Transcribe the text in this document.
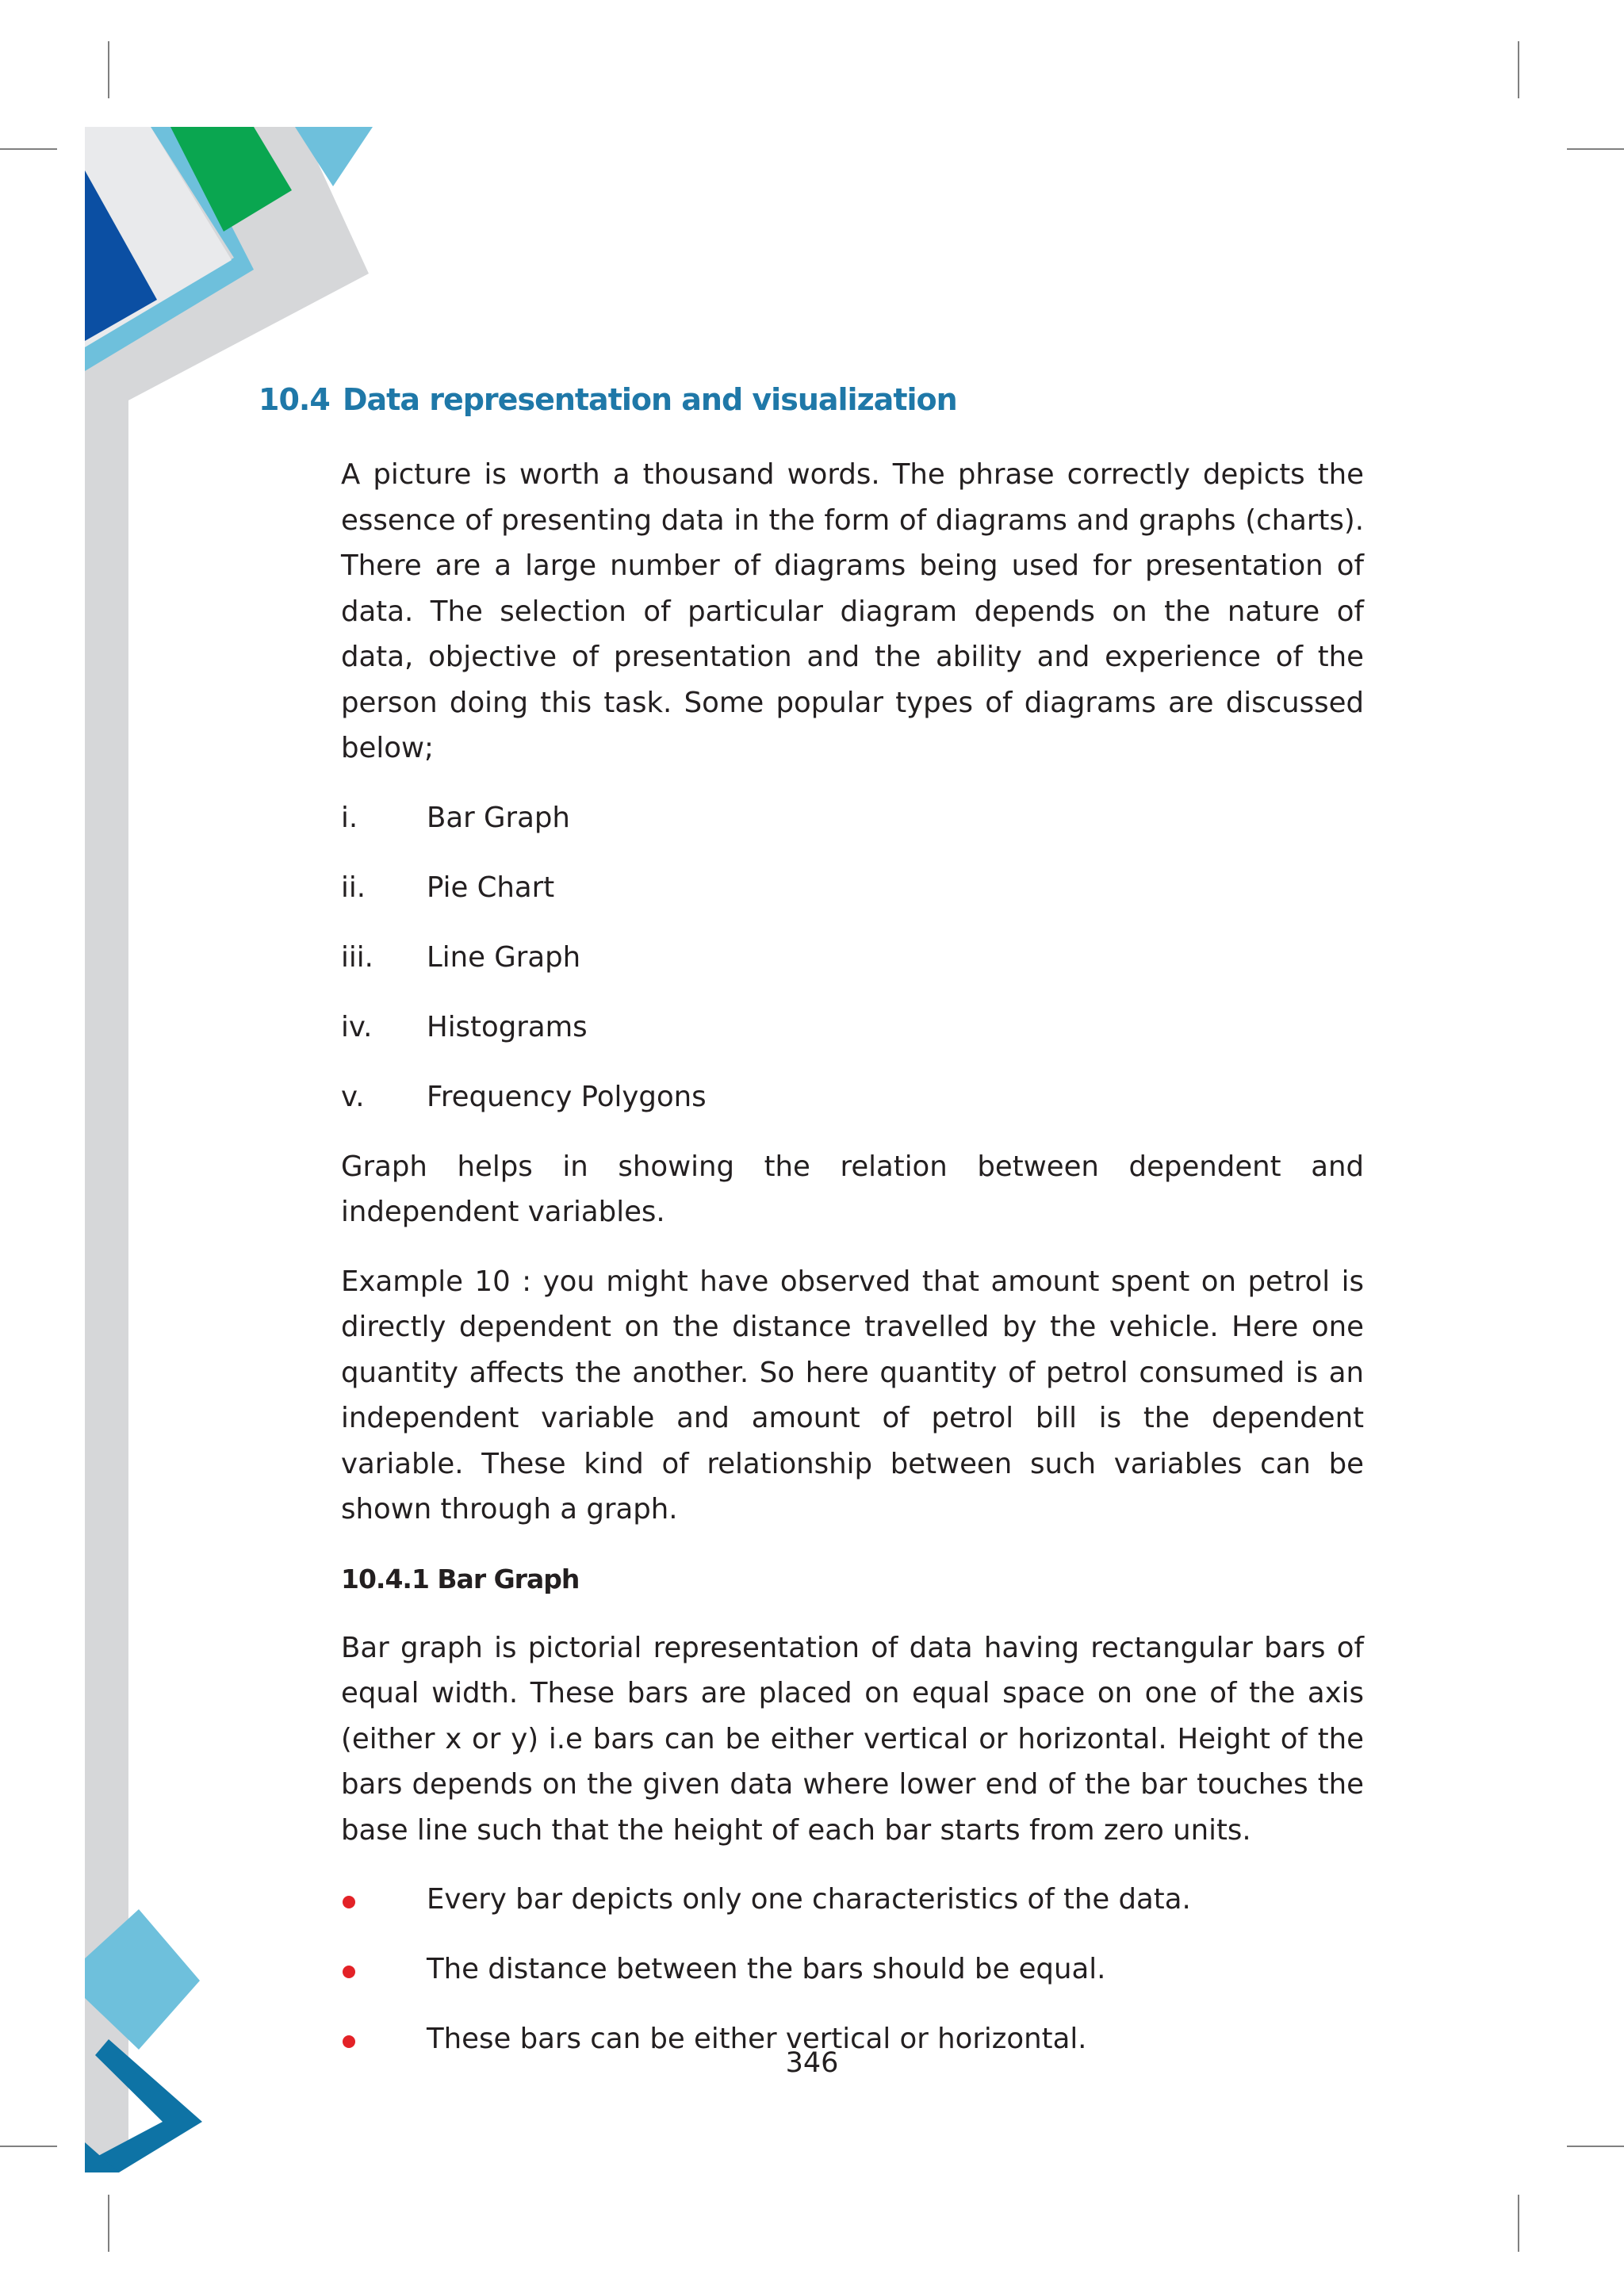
10.4 Data representation and visualization

A picture is worth a thousand words. The phrase correctly depicts the essence of presenting data in the form of diagrams and graphs (charts). There are a large number of diagrams being used for presentation of data. The selection of particular diagram depends on the nature of data, objective of presentation and the ability and experience of the person doing this task. Some popular types of diagrams are discussed below;

i.	Bar Graph
ii.	Pie Chart
iii.	Line Graph
iv.	Histograms
v.	Frequency Polygons

Graph helps in showing the relation between dependent and independent variables.

Example 10 : you might have observed that amount spent on petrol is directly dependent on the distance travelled by the vehicle. Here one quantity affects the another. So here quantity of petrol consumed is an independent variable and amount of petrol bill is the dependent variable. These kind of relationship between such variables can be shown through a graph.

10.4.1 Bar Graph

Bar graph is pictorial representation of data having rectangular bars of equal width. These bars are placed on equal space on one of the axis (either x or y) i.e bars can be either vertical or horizontal. Height of the bars depends on the given data where lower end of the bar touches the base line such that the height of each bar starts from zero units.

Every bar depicts only one characteristics of the data.
The distance between the bars should be equal.
These bars can be either vertical or horizontal.
346
